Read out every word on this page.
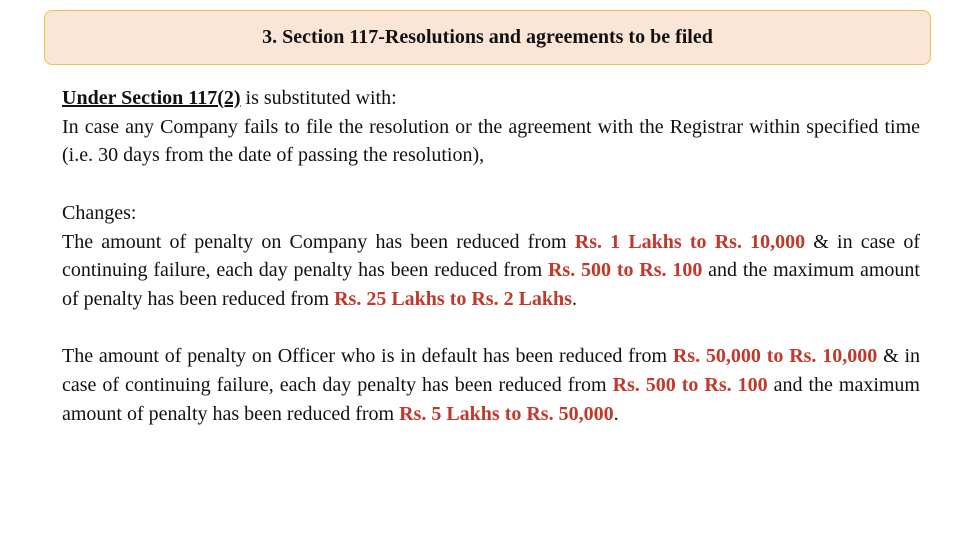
3. Section 117-Resolutions and agreements to be filed

Under Section 117(2) is substituted with:

In case any Company fails to file the resolution or the agreement with the Registrar within specified time (i.e. 30 days from the date of passing the resolution),

Changes:

The amount of penalty on Company has been reduced from Rs. 1 Lakhs to Rs. 10,000 & in case of continuing failure, each day penalty has been reduced from Rs. 500 to Rs. 100 and the maximum amount of penalty has been reduced from Rs. 25 Lakhs to Rs. 2 Lakhs.

The amount of penalty on Officer who is in default has been reduced from Rs. 50,000 to Rs. 10,000 & in case of continuing failure, each day penalty has been reduced from Rs. 500 to Rs. 100 and the maximum amount of penalty has been reduced from Rs. 5 Lakhs to Rs. 50,000.
